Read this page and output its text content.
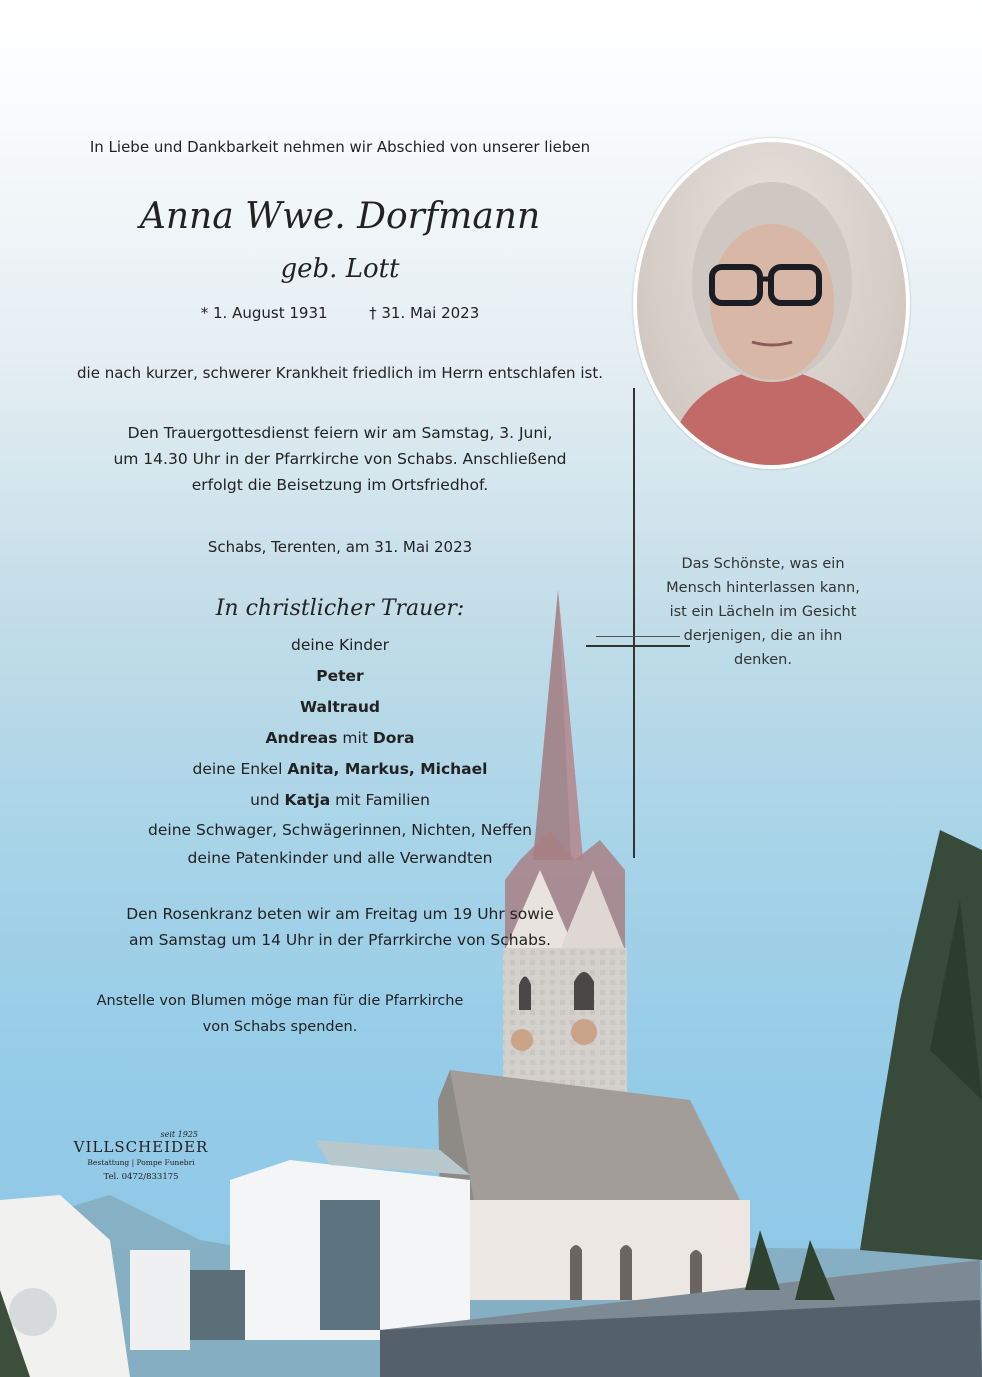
In Liebe und Dankbarkeit nehmen wir Abschied von unserer lieben
Anna Wwe. Dorfmann
geb. Lott
* 1. August 1931	† 31. Mai 2023
die nach kurzer, schwerer Krankheit friedlich im Herrn entschlafen ist.
Den Trauergottesdienst feiern wir am Samstag, 3. Juni,
um 14.30 Uhr in der Pfarrkirche von Schabs. Anschließend
erfolgt die Beisetzung im Ortsfriedhof.
Schabs, Terenten, am 31. Mai 2023
In christlicher Trauer:
deine Kinder
Peter
Waltraud
Andreas mit Dora
deine Enkel Anita, Markus, Michael
und Katja mit Familien
deine Schwager, Schwägerinnen, Nichten, Neffen
deine Patenkinder und alle Verwandten
Den Rosenkranz beten wir am Freitag um 19 Uhr sowie
am Samstag um 14 Uhr in der Pfarrkirche von Schabs.
Anstelle von Blumen möge man für die Pfarrkirche
von Schabs spenden.
Das Schönste, was ein
Mensch hinterlassen kann,
ist ein Lächeln im Gesicht
derjenigen, die an ihn
denken.
seit 1925
VILLSCHEIDER
Bestattung | Pompe Funebri
Tel. 0472/833175
